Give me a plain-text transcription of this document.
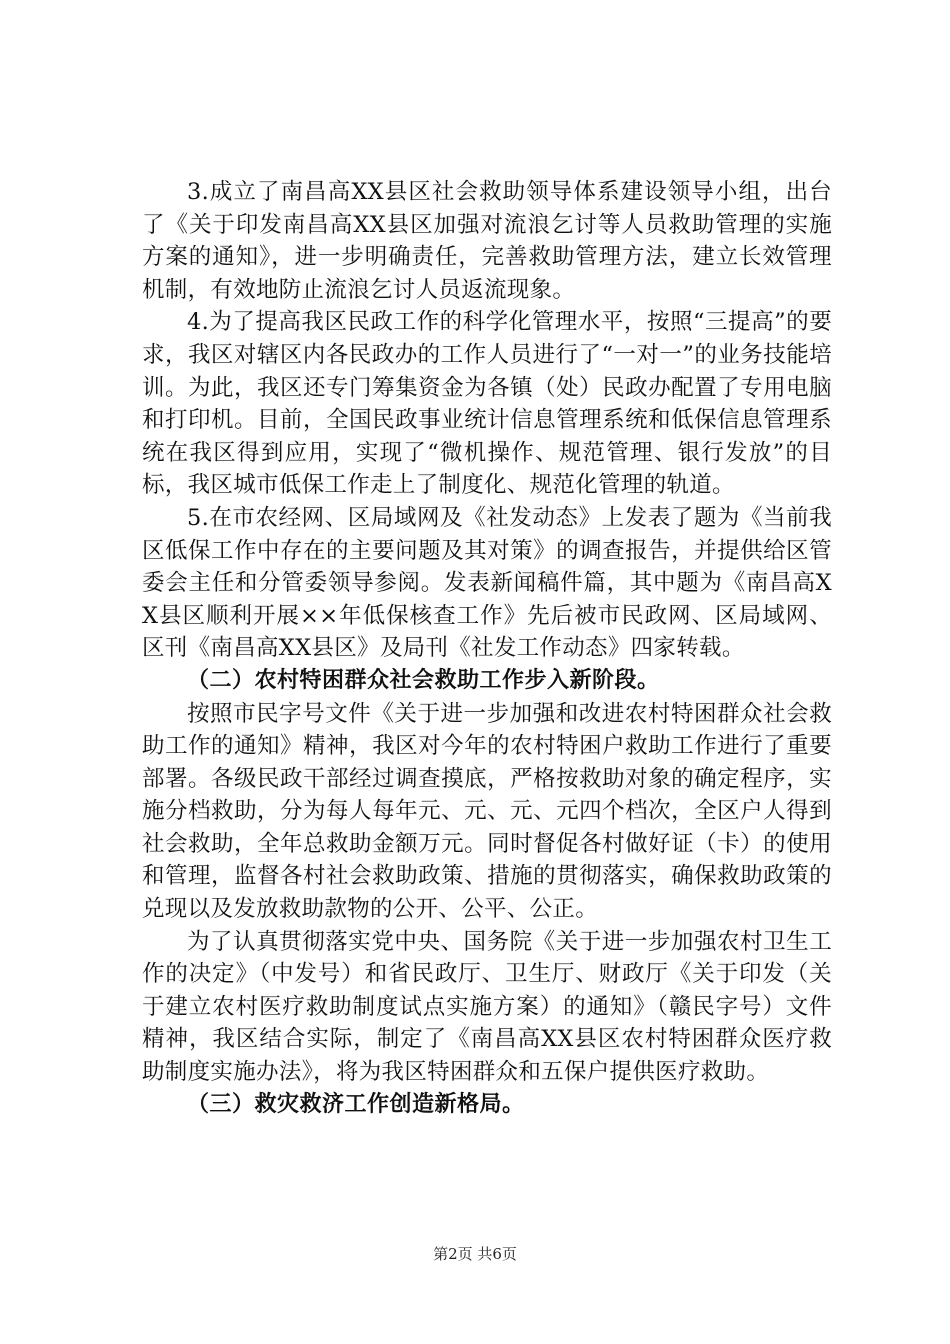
3.成立了南昌高XX县区社会救助领导体系建设领导小组，出台了《关于印发南昌高XX县区加强对流浪乞讨等人员救助管理的实施方案的通知》，进一步明确责任，完善救助管理方法，建立长效管理机制，有效地防止流浪乞讨人员返流现象。

4.为了提高我区民政工作的科学化管理水平，按照“三提高”的要求，我区对辖区内各民政办的工作人员进行了“一对一”的业务技能培训。为此，我区还专门筹集资金为各镇（处）民政办配置了专用电脑和打印机。目前，全国民政事业统计信息管理系统和低保信息管理系统在我区得到应用，实现了“微机操作、规范管理、银行发放”的目标，我区城市低保工作走上了制度化、规范化管理的轨道。

5.在市农经网、区局域网及《社发动态》上发表了题为《当前我区低保工作中存在的主要问题及其对策》的调查报告，并提供给区管委会主任和分管委领导参阅。发表新闻稿件篇，其中题为《南昌高XX县区顺利开展××年低保核查工作》先后被市民政网、区局域网、区刊《南昌高XX县区》及局刊《社发工作动态》四家转载。

（二）农村特困群众社会救助工作步入新阶段。

按照市民字号文件《关于进一步加强和改进农村特困群众社会救助工作的通知》精神，我区对今年的农村特困户救助工作进行了重要部署。各级民政干部经过调查摸底，严格按救助对象的确定程序，实施分档救助，分为每人每年元、元、元、元四个档次，全区户人得到社会救助，全年总救助金额万元。同时督促各村做好证（卡）的使用和管理，监督各村社会救助政策、措施的贯彻落实，确保救助政策的兑现以及发放救助款物的公开、公平、公正。

为了认真贯彻落实党中央、国务院《关于进一步加强农村卫生工作的决定》（中发号）和省民政厅、卫生厅、财政厅《关于印发（关于建立农村医疗救助制度试点实施方案）的通知》（赣民字号）文件精神，我区结合实际，制定了《南昌高XX县区农村特困群众医疗救助制度实施办法》，将为我区特困群众和五保户提供医疗救助。

（三）救灾救济工作创造新格局。

第2页 共6页
